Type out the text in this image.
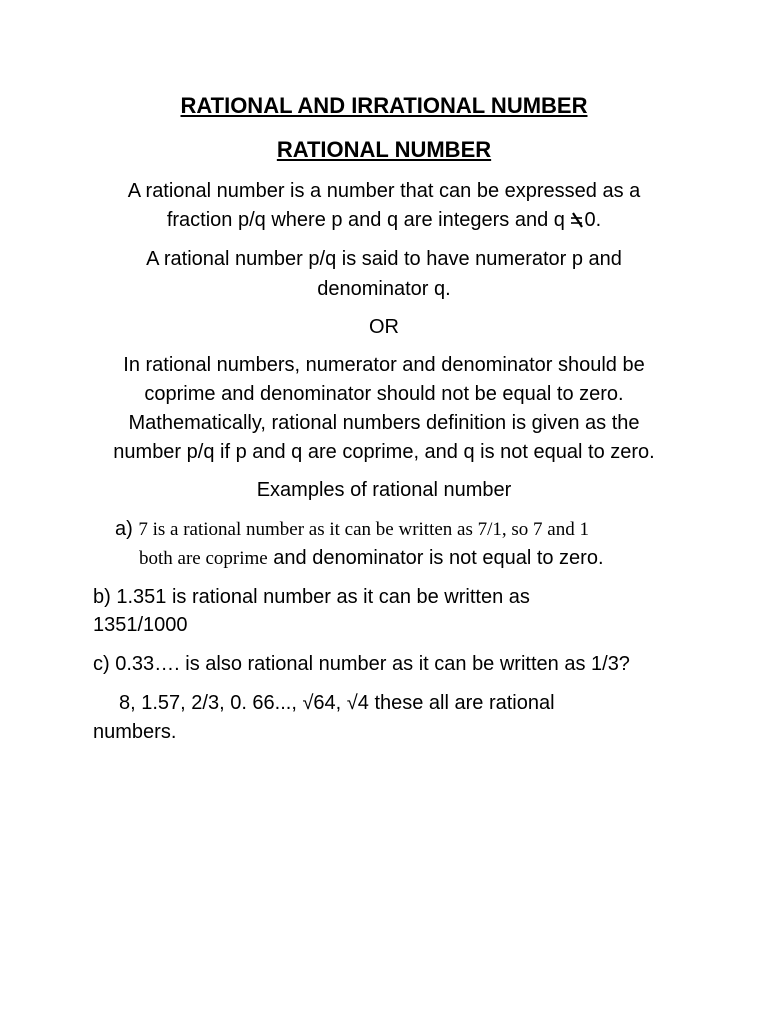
RATIONAL AND IRRATIONAL NUMBER
RATIONAL NUMBER
A rational number is a number that can be expressed as a
fraction p/q where p and q are integers and q 0.
A rational number p/q is said to have numerator p and
denominator q.
OR
In rational numbers, numerator and denominator should be
coprime and denominator should not be equal to zero.
Mathematically, rational numbers definition is given as the
number p/q if p and q are coprime, and q is not equal to zero.
Examples of rational number
a) 7 is a rational number as it can be written as 7/1, so 7 and 1
both are coprime and denominator is not equal to zero.
b) 1.351 is rational number as it can be written as
1351/1000
c) 0.33…. is also rational number as it can be written as 1/3?
8, 1.57, 2/3, 0. 66..., √64, √4 these all are rational
numbers.
